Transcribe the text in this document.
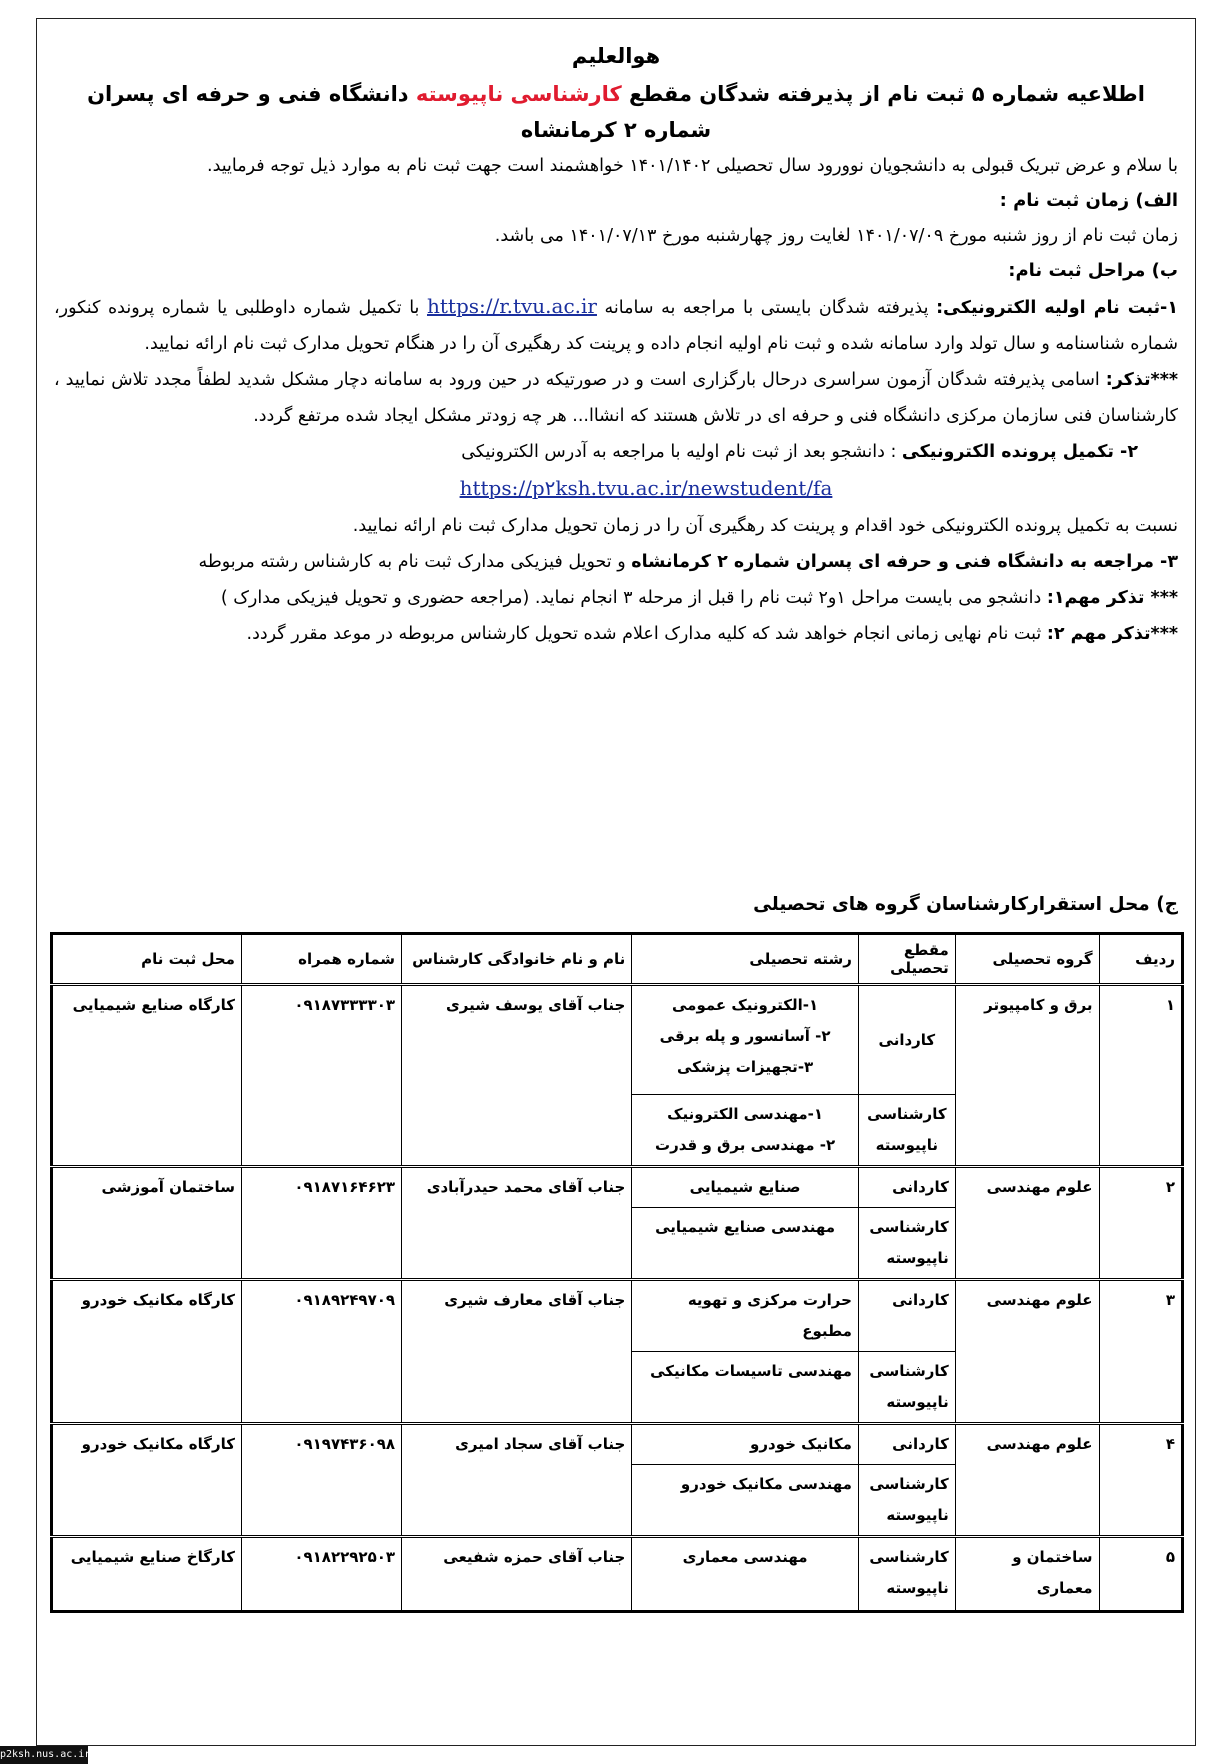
هوالعلیم

اطلاعیه شماره ۵ ثبت نام از پذیرفته شدگان مقطع کارشناسی ناپیوسته دانشگاه فنی و حرفه ای پسران شماره ۲ کرمانشاه

با سلام و عرض تبریک قبولی به دانشجویان نوورود سال تحصیلی ۱۴۰۱/۱۴۰۲ خواهشمند است جهت ثبت نام به موارد ذیل توجه فرمایید.

الف) زمان ثبت نام :

زمان ثبت نام از روز شنبه مورخ ۱۴۰۱/۰۷/۰۹ لغایت روز چهارشنبه مورخ ۱۴۰۱/۰۷/۱۳ می باشد.

ب) مراحل ثبت نام:

۱-ثبت نام اولیه الکترونیکی: پذیرفته شدگان بایستی با مراجعه به سامانه https://r.tvu.ac.ir با تکمیل شماره داوطلبی یا شماره پرونده کنکور، شماره شناسنامه و سال تولد وارد سامانه شده و ثبت نام اولیه انجام داده و پرینت کد رهگیری آن را در هنگام تحویل مدارک ثبت نام ارائه نمایید.

***تذکر: اسامی پذیرفته شدگان آزمون سراسری درحال بارگزاری است و در صورتیکه در حین ورود به سامانه دچار مشکل شدید لطفاً مجدد تلاش نمایید ، کارشناسان فنی سازمان مرکزی دانشگاه فنی و حرفه ای در تلاش هستند که انشاا... هر چه زودتر مشکل ایجاد شده مرتفع گردد.

۲- تکمیل پرونده الکترونیکی : دانشجو بعد از ثبت نام اولیه با مراجعه به آدرس الکترونیکی

https://p۲ksh.tvu.ac.ir/newstudent/fa

نسبت به تکمیل پرونده الکترونیکی خود اقدام و پرینت کد رهگیری آن را در زمان تحویل مدارک ثبت نام ارائه نمایید.

۳- مراجعه به دانشگاه فنی و حرفه ای پسران شماره ۲ کرمانشاه و تحویل فیزیکی مدارک ثبت نام به کارشناس رشته مربوطه

*** تذکر مهم۱: دانشجو می بایست مراحل ۱و۲ ثبت نام را قبل از مرحله ۳ انجام نماید. (مراجعه حضوری و تحویل فیزیکی مدارک )

***تذکر مهم ۲: ثبت نام نهایی زمانی انجام خواهد شد که کلیه مدارک اعلام شده تحویل کارشناس مربوطه در موعد مقرر گردد.

ج) محل استقرارکارشناسان گروه های تحصیلی
ردیف	گروه تحصیلی	مقطع تحصیلی	رشته تحصیلی	نام و نام خانوادگی کارشناس	شماره همراه	محل ثبت نام
۱	برق و کامپیوتر	کاردانی	۱-الکترونیک عمومی
۲- آسانسور و پله برقی
۳-تجهیزات پزشکی	جناب آقای یوسف شیری	۰۹۱۸۷۳۳۳۳۰۳	کارگاه صنایع شیمیایی
		کارشناسی ناپیوسته	۱-مهندسی الکترونیک
۲- مهندسی برق و قدرت			

۲	علوم مهندسی	کاردانی	صنایع شیمیایی	جناب آقای محمد حیدرآبادی	۰۹۱۸۷۱۶۴۶۲۳	ساختمان آموزشی
		کارشناسی ناپیوسته	مهندسی صنایع شیمیایی			
۳	علوم مهندسی	کاردانی	حرارت مرکزی و تهویه مطبوع	جناب آقای معارف شیری	۰۹۱۸۹۲۴۹۷۰۹	کارگاه مکانیک خودرو
		کارشناسی ناپیوسته	مهندسی تاسیسات مکانیکی			
۴	علوم مهندسی	کاردانی	مکانیک خودرو	جناب آقای سجاد امیری	۰۹۱۹۷۴۳۶۰۹۸	کارگاه مکانیک خودرو
		کارشناسی ناپیوسته	مهندسی مکانیک خودرو			
۵	ساختمان و معماری	کارشناسی ناپیوسته	مهندسی معماری	جناب آقای حمزه شفیعی	۰۹۱۸۲۲۹۲۵۰۳	کارگاخ صنایع شیمیایی
p2ksh.nus.ac.ir
